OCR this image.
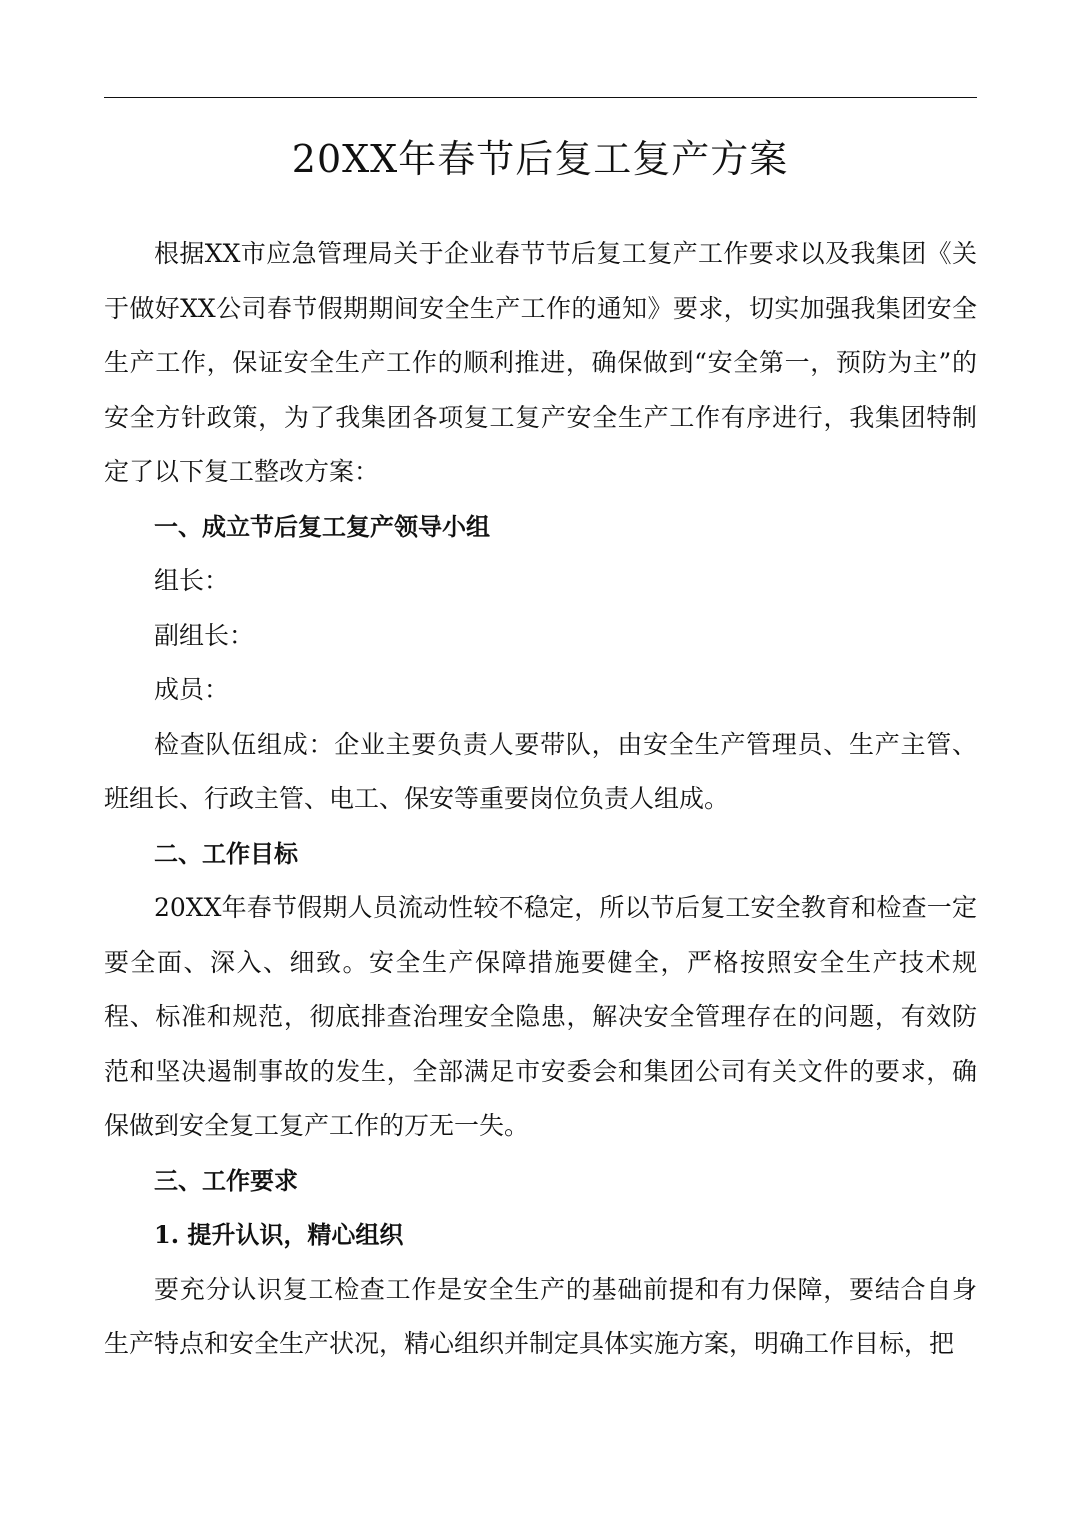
20XX年春节后复工复产方案

根据XX市应急管理局关于企业春节节后复工复产工作要求以及我集团《关于做好XX公司春节假期期间安全生产工作的通知》要求，切实加强我集团安全生产工作，保证安全生产工作的顺利推进，确保做到“安全第一，预防为主”的安全方针政策，为了我集团各项复工复产安全生产工作有序进行，我集团特制定了以下复工整改方案：

一、成立节后复工复产领导小组

组长：

副组长：

成员：

检查队伍组成：企业主要负责人要带队，由安全生产管理员、生产主管、班组长、行政主管、电工、保安等重要岗位负责人组成。

二、工作目标

20XX年春节假期人员流动性较不稳定，所以节后复工安全教育和检查一定要全面、深入、细致。安全生产保障措施要健全，严格按照安全生产技术规程、标准和规范，彻底排查治理安全隐患，解决安全管理存在的问题，有效防范和坚决遏制事故的发生，全部满足市安委会和集团公司有关文件的要求，确保做到安全复工复产工作的万无一失。

三、工作要求

1. 提升认识，精心组织

要充分认识复工检查工作是安全生产的基础前提和有力保障，要结合自身生产特点和安全生产状况，精心组织并制定具体实施方案，明确工作目标，把
